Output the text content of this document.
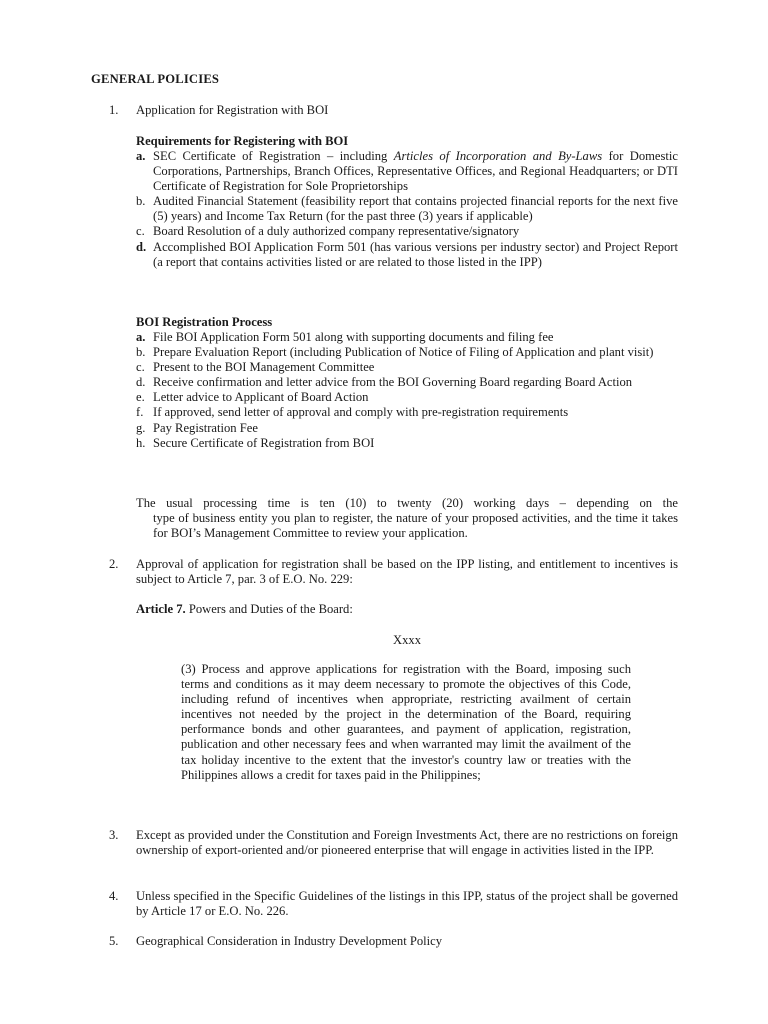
GENERAL POLICIES
1. Application for Registration with BOI
Requirements for Registering with BOI
a. SEC Certificate of Registration – including Articles of Incorporation and By-Laws for Domestic Corporations, Partnerships, Branch Offices, Representative Offices, and Regional Headquarters; or DTI Certificate of Registration for Sole Proprietorships
b. Audited Financial Statement (feasibility report that contains projected financial reports for the next five (5) years) and Income Tax Return (for the past three (3) years if applicable)
c. Board Resolution of a duly authorized company representative/signatory
d. Accomplished BOI Application Form 501 (has various versions per industry sector) and Project Report (a report that contains activities listed or are related to those listed in the IPP)
BOI Registration Process
a. File BOI Application Form 501 along with supporting documents and filing fee
b. Prepare Evaluation Report (including Publication of Notice of Filing of Application and plant visit)
c. Present to the BOI Management Committee
d. Receive confirmation and letter advice from the BOI Governing Board regarding Board Action
e. Letter advice to Applicant of Board Action
f. If approved, send letter of approval and comply with pre-registration requirements
g. Pay Registration Fee
h. Secure Certificate of Registration from BOI
The usual processing time is ten (10) to twenty (20) working days – depending on the
type of business entity you plan to register, the nature of your proposed activities, and the time it takes for BOI’s Management Committee to review your application.
2. Approval of application for registration shall be based on the IPP listing, and entitlement to incentives is subject to Article 7, par. 3 of E.O. No. 229:
Article 7. Powers and Duties of the Board:
Xxxx
(3) Process and approve applications for registration with the Board, imposing such terms and conditions as it may deem necessary to promote the objectives of this Code, including refund of incentives when appropriate, restricting availment of certain incentives not needed by the project in the determination of the Board, requiring performance bonds and other guarantees, and payment of application, registration, publication and other necessary fees and when warranted may limit the availment of the tax holiday incentive to the extent that the investor's country law or treaties with the Philippines allows a credit for taxes paid in the Philippines;
3. Except as provided under the Constitution and Foreign Investments Act, there are no restrictions on foreign ownership of export-oriented and/or pioneered enterprise that will engage in activities listed in the IPP.
4. Unless specified in the Specific Guidelines of the listings in this IPP, status of the project shall be governed by Article 17 or E.O. No. 226.
5. Geographical Consideration in Industry Development Policy
